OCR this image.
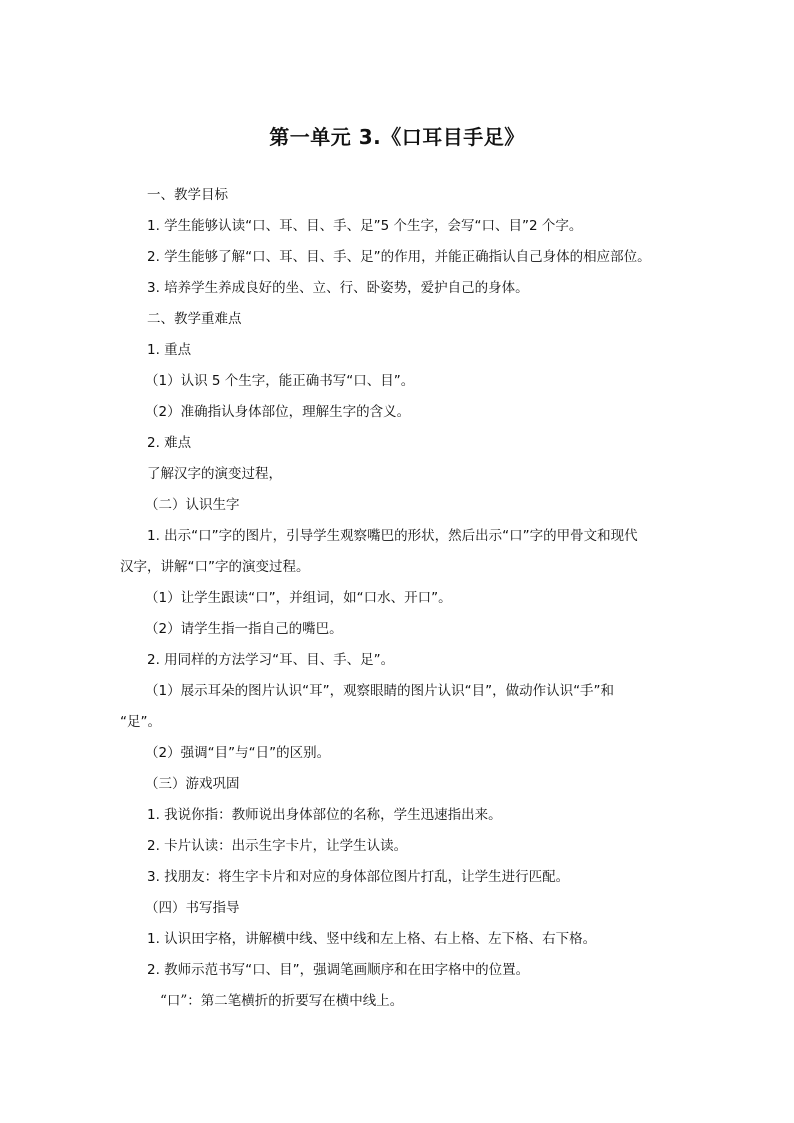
第一单元 3.《口耳目手足》
一、教学目标
1. 学生能够认读“口、耳、目、手、足”5 个生字，会写“口、目”2 个字。
2. 学生能够了解“口、耳、目、手、足”的作用，并能正确指认自己身体的相应部位。
3. 培养学生养成良好的坐、立、行、卧姿势，爱护自己的身体。
二、教学重难点
1. 重点
（1）认识 5 个生字，能正确书写“口、目”。
（2）准确指认身体部位，理解生字的含义。
2. 难点
了解汉字的演变过程，
（二）认识生字
1. 出示“口”字的图片，引导学生观察嘴巴的形状，然后出示“口”字的甲骨文和现代
汉字，讲解“口”字的演变过程。
（1）让学生跟读“口”，并组词，如“口水、开口”。
（2）请学生指一指自己的嘴巴。
2. 用同样的方法学习“耳、目、手、足”。
（1）展示耳朵的图片认识“耳”，观察眼睛的图片认识“目”，做动作认识“手”和
“足”。
（2）强调“目”与“日”的区别。
（三）游戏巩固
1. 我说你指：教师说出身体部位的名称，学生迅速指出来。
2. 卡片认读：出示生字卡片，让学生认读。
3. 找朋友：将生字卡片和对应的身体部位图片打乱，让学生进行匹配。
（四）书写指导
1. 认识田字格，讲解横中线、竖中线和左上格、右上格、左下格、右下格。
2. 教师示范书写“口、目”，强调笔画顺序和在田字格中的位置。
“口”：第二笔横折的折要写在横中线上。
